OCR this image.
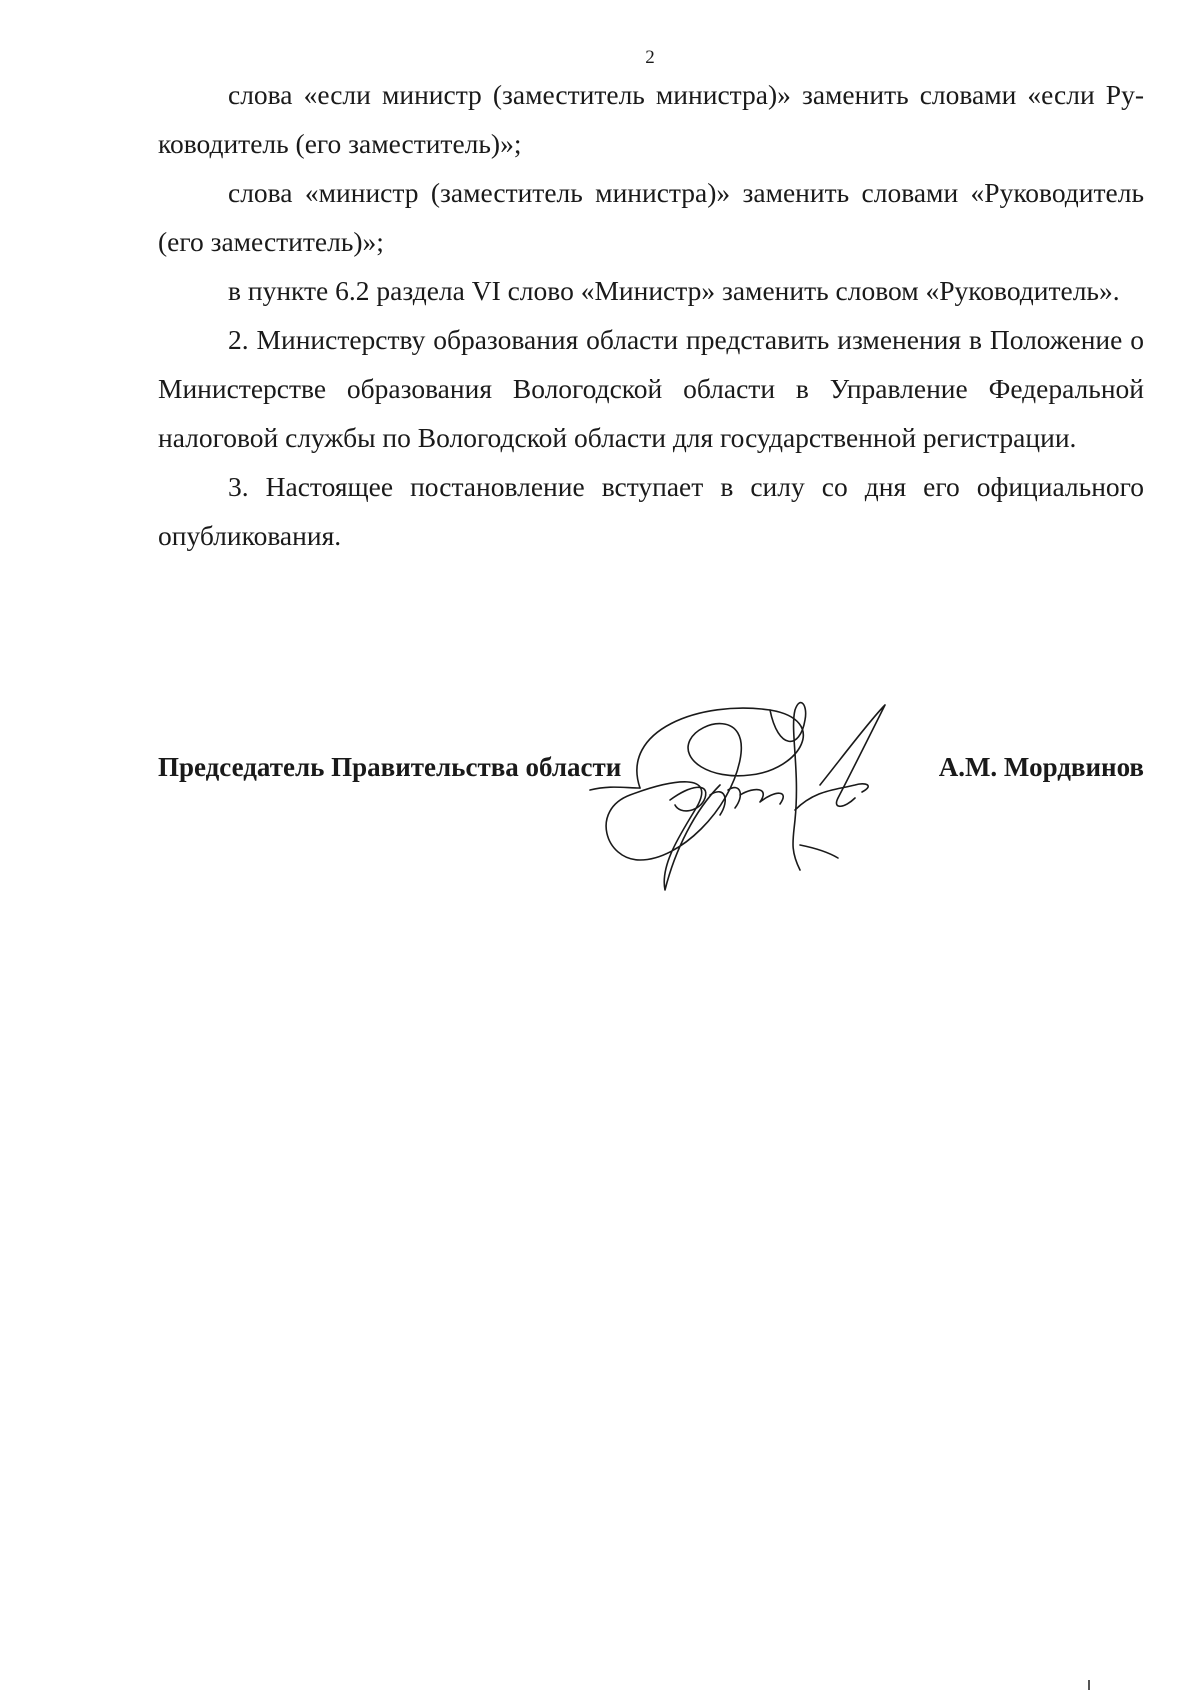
2

слова «если министр (заместитель министра)» заменить словами «если Руководитель (его заместитель)»;

слова «министр (заместитель министра)» заменить словами «Руководитель (его заместитель)»;

в пункте 6.2 раздела VI слово «Министр» заменить словом «Руководитель».

2. Министерству образования области представить изменения в Положение о Министерстве образования Вологодской области в Управление Федеральной налоговой службы по Вологодской области для государственной регистрации.

3. Настоящее постановление вступает в силу со дня его официального опубликования.

Председатель Правительства области	А.М. Мордвинов
